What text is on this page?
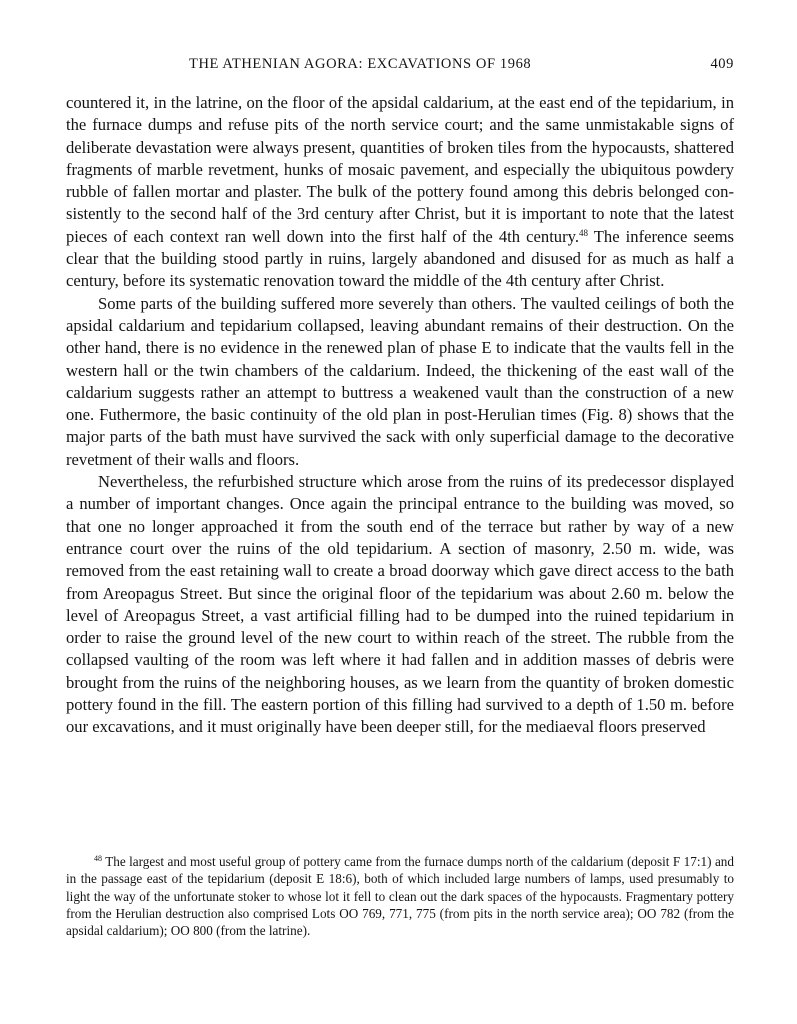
THE ATHENIAN AGORA: EXCAVATIONS OF 1968	409

countered it, in the latrine, on the floor of the apsidal caldarium, at the east end of the tepidarium, in the furnace dumps and refuse pits of the north service court; and the same unmistakable signs of deliberate devastation were always present, quantities of broken tiles from the hypocausts, shattered fragments of marble revetment, hunks of mosaic pavement, and especially the ubiquitous powdery rubble of fallen mortar and plaster. The bulk of the pottery found among this debris belonged consistently to the second half of the 3rd century after Christ, but it is important to note that the latest pieces of each context ran well down into the first half of the 4th century.$^{48}$ The inference seems clear that the building stood partly in ruins, largely abandoned and disused for as much as half a century, before its systematic renovation toward the middle of the 4th century after Christ.

Some parts of the building suffered more severely than others. The vaulted ceilings of both the apsidal caldarium and tepidarium collapsed, leaving abundant remains of their destruction. On the other hand, there is no evidence in the renewed plan of phase E to indicate that the vaults fell in the western hall or the twin chambers of the caldarium. Indeed, the thickening of the east wall of the caldarium suggests rather an attempt to buttress a weakened vault than the construction of a new one. Futhermore, the basic continuity of the old plan in post-Herulian times (Fig. 8) shows that the major parts of the bath must have survived the sack with only superficial damage to the decorative revetment of their walls and floors.

Nevertheless, the refurbished structure which arose from the ruins of its predecessor displayed a number of important changes. Once again the principal entrance to the building was moved, so that one no longer approached it from the south end of the terrace but rather by way of a new entrance court over the ruins of the old tepidarium. A section of masonry, 2.50 m. wide, was removed from the east retaining wall to create a broad doorway which gave direct access to the bath from Areopagus Street. But since the original floor of the tepidarium was about 2.60 m. below the level of Areopagus Street, a vast artificial filling had to be dumped into the ruined tepidarium in order to raise the ground level of the new court to within reach of the street. The rubble from the collapsed vaulting of the room was left where it had fallen and in addition masses of debris were brought from the ruins of the neighboring houses, as we learn from the quantity of broken domestic pottery found in the fill. The eastern portion of this filling had survived to a depth of 1.50 m. before our excavations, and it must originally have been deeper still, for the mediaeval floors preserved

$^{48}$ The largest and most useful group of pottery came from the furnace dumps north of the caldarium (deposit F 17:1) and in the passage east of the tepidarium (deposit E 18:6), both of which included large numbers of lamps, used presumably to light the way of the unfortunate stoker to whose lot it fell to clean out the dark spaces of the hypocausts. Fragmentary pottery from the Herulian destruction also comprised Lots OO 769, 771, 775 (from pits in the north service area); OO 782 (from the apsidal caldarium); OO 800 (from the latrine).
